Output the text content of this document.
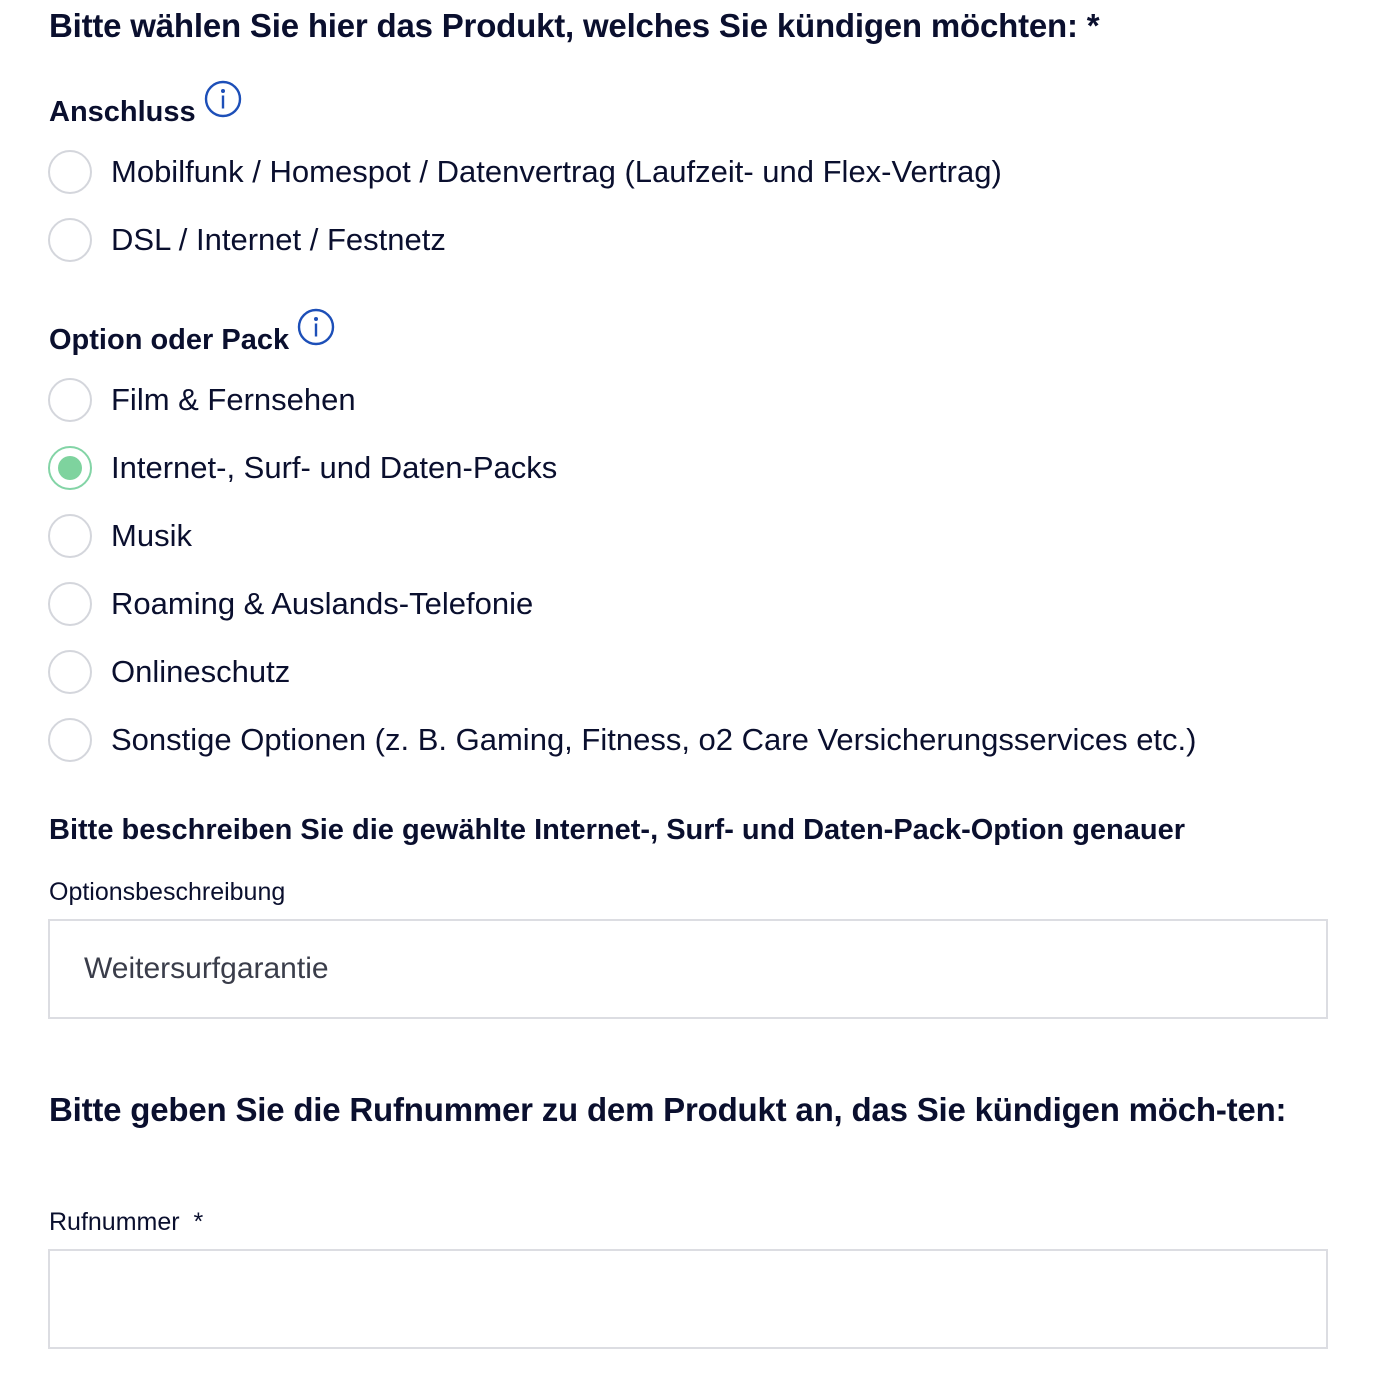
Bitte wählen Sie hier das Produkt, welches Sie kündigen möchten: *
Anschluss
Mobilfunk / Homespot / Datenvertrag (Laufzeit- und Flex-Vertrag)
DSL / Internet / Festnetz
Option oder Pack
Film & Fernsehen
Internet-, Surf- und Daten-Packs
Musik
Roaming & Auslands-Telefonie
Onlineschutz
Sonstige Optionen (z. B. Gaming, Fitness, o2 Care Versicherungsservices etc.)
Bitte beschreiben Sie die gewählte Internet-, Surf- und Daten-Pack-Option genauer
Optionsbeschreibung
Weitersurfgarantie
Bitte geben Sie die Rufnummer zu dem Produkt an, das Sie kündigen möch-ten:
Rufnummer  *
